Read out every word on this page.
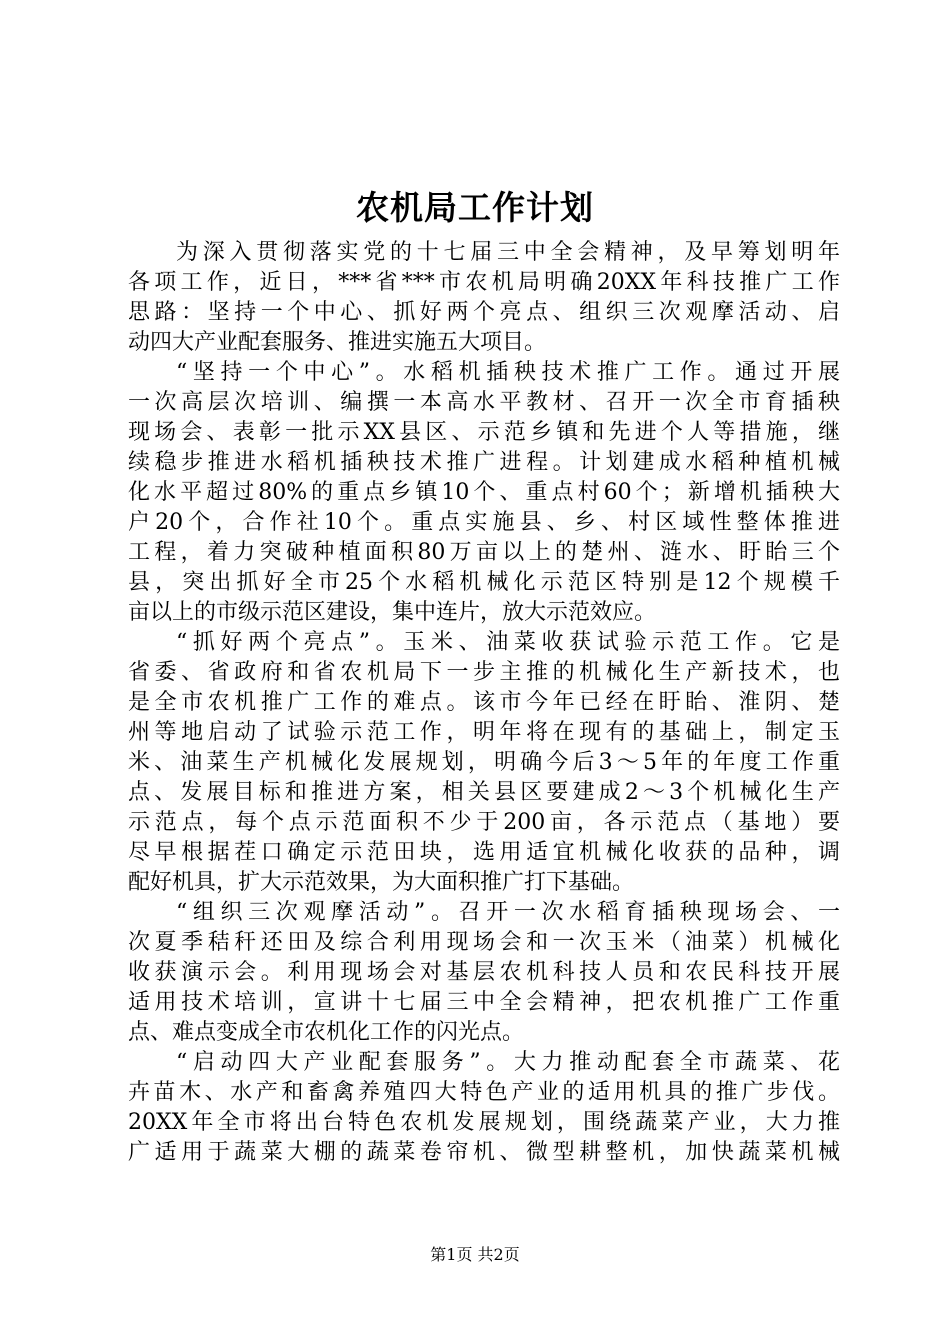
农机局工作计划
为深入贯彻落实党的十七届三中全会精神，及早筹划明年
各项工作，近日，***省***市农机局明确20XX年科技推广工作
思路：坚持一个中心、抓好两个亮点、组织三次观摩活动、启
动四大产业配套服务、推进实施五大项目。
“坚持一个中心”。水稻机插秧技术推广工作。通过开展
一次高层次培训、编撰一本高水平教材、召开一次全市育插秧
现场会、表彰一批示XX县区、示范乡镇和先进个人等措施，继
续稳步推进水稻机插秧技术推广进程。计划建成水稻种植机械
化水平超过80%的重点乡镇10个、重点村60个；新增机插秧大
户20个，合作社10个。重点实施县、乡、村区域性整体推进
工程，着力突破种植面积80万亩以上的楚州、涟水、盱眙三个
县，突出抓好全市25个水稻机械化示范区特别是12个规模千
亩以上的市级示范区建设，集中连片，放大示范效应。
“抓好两个亮点”。玉米、油菜收获试验示范工作。它是
省委、省政府和省农机局下一步主推的机械化生产新技术，也
是全市农机推广工作的难点。该市今年已经在盱眙、淮阴、楚
州等地启动了试验示范工作，明年将在现有的基础上，制定玉
米、油菜生产机械化发展规划，明确今后3～5年的年度工作重
点、发展目标和推进方案，相关县区要建成2～3个机械化生产
示范点，每个点示范面积不少于200亩，各示范点（基地）要
尽早根据茬口确定示范田块，选用适宜机械化收获的品种，调
配好机具，扩大示范效果，为大面积推广打下基础。
“组织三次观摩活动”。召开一次水稻育插秧现场会、一
次夏季秸秆还田及综合利用现场会和一次玉米（油菜）机械化
收获演示会。利用现场会对基层农机科技人员和农民科技开展
适用技术培训，宣讲十七届三中全会精神，把农机推广工作重
点、难点变成全市农机化工作的闪光点。
“启动四大产业配套服务”。大力推动配套全市蔬菜、花
卉苗木、水产和畜禽养殖四大特色产业的适用机具的推广步伐。
20XX年全市将出台特色农机发展规划，围绕蔬菜产业，大力推
广适用于蔬菜大棚的蔬菜卷帘机、微型耕整机，加快蔬菜机械
第1页 共2页
